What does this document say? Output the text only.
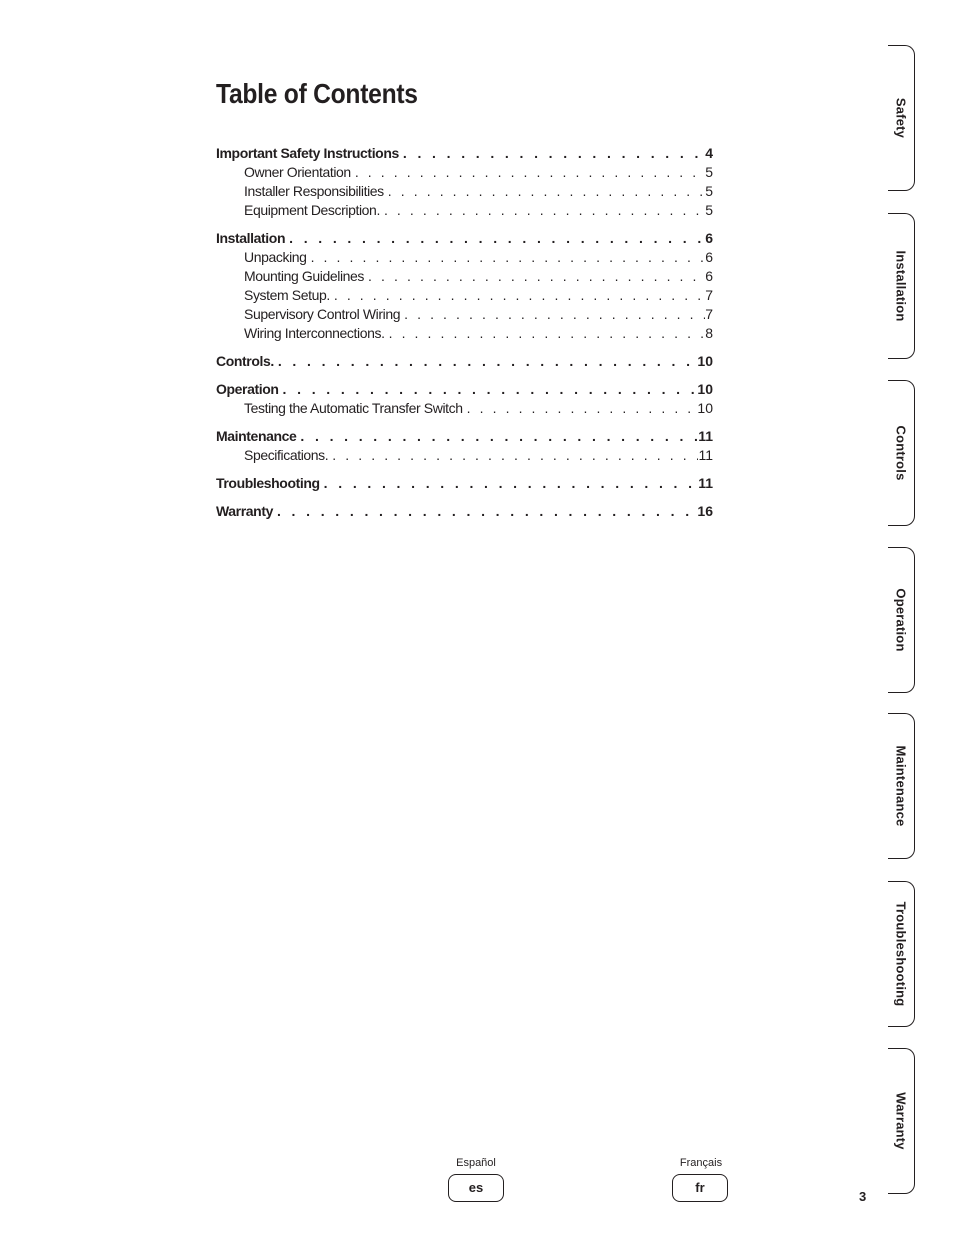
Table of Contents
Important Safety Instructions . . .	4
Owner Orientation . . .	5
Installer Responsibilities . . .	5
Equipment Description. . . .	5
Installation . . .	6
Unpacking . . .	6
Mounting Guidelines . . .	6
System Setup. . . .	7
Supervisory Control Wiring . . .	7
Wiring Interconnections. . . .	8
Controls. . . .	10
Operation . . .	10
Testing the Automatic Transfer Switch . . .	10
Maintenance . . .	11
Specifications. . . .	11
Troubleshooting . . .	11
Warranty . . .	16
Safety
Installation
Controls
Operation
Maintenance
Troubleshooting
Warranty
Español
es
Français
fr
3
